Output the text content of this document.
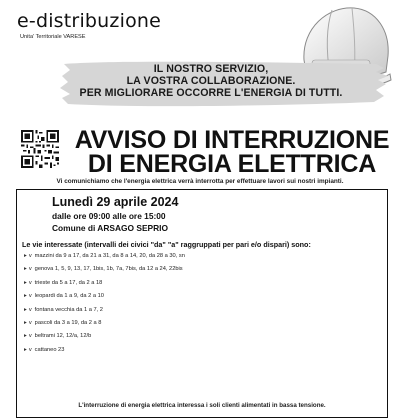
e-distribuzione
Unita' Territoriale VARESE
IL NOSTRO SERVIZIO,
LA VOSTRA COLLABORAZIONE.
PER MIGLIORARE OCCORRE L'ENERGIA DI TUTTI.
AVVISO DI INTERRUZIONE
DI ENERGIA ELETTRICA
Vi comunichiamo che l'energia elettrica verrà interrotta per effettuare lavori sui nostri impianti.
Lunedì 29 aprile 2024
dalle ore 09:00 alle ore 15:00
Comune di ARSAGO SEPRIO
Le vie interessate (intervalli dei civici "da" "a" raggruppati per pari e/o dispari) sono:
▸ v mazzini da 9 a 17, da 21 a 31, da 8 a 14, 20, da 28 a 30, sn
▸ v genova 1, 5, 9, 13, 17, 1bis, 1b, 7a, 7bis, da 12 a 24, 22bis
▸ v trieste da 5 a 17, da 2 a 18
▸ v leopardi da 1 a 9, da 2 a 10
▸ v fontana vecchia da 1 a 7, 2
▸ v pascoli da 3 a 19, da 2 a 8
▸ v beltrami 12, 12/a, 12/b
▸ v cattaneo 23
L'interruzione di energia elettrica interessa i soli clienti alimentati in bassa tensione.
